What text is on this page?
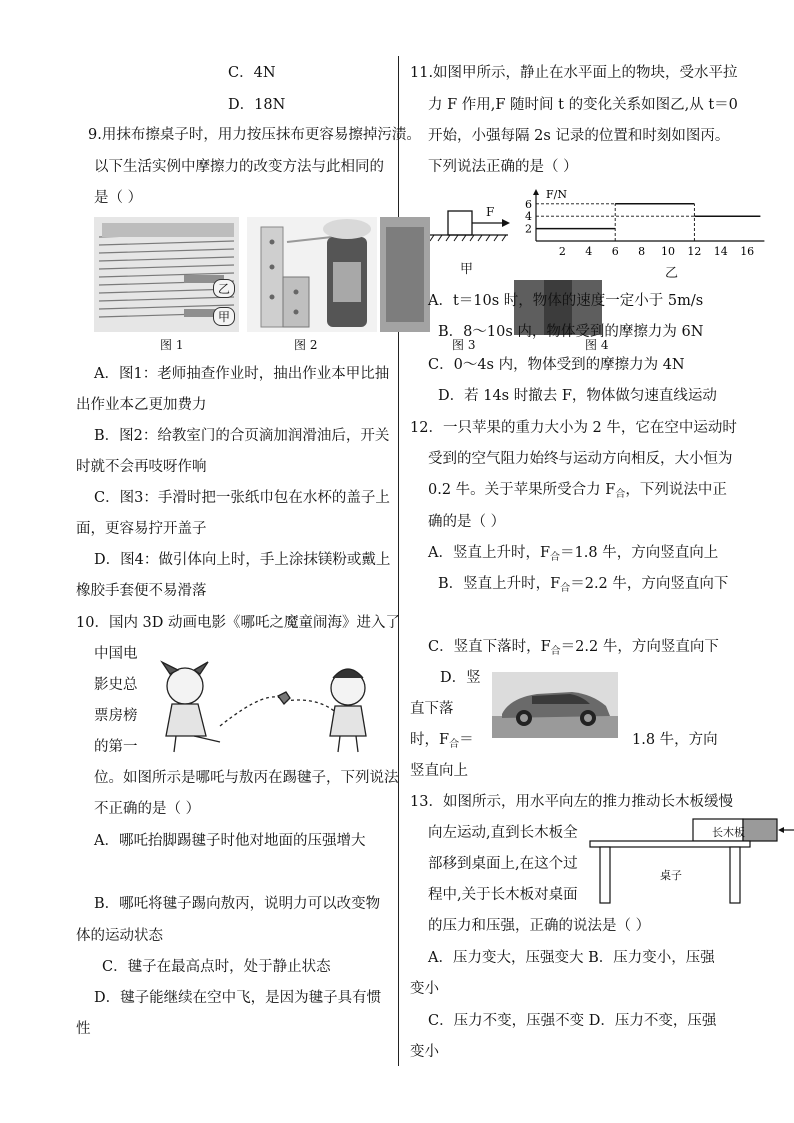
C．4N
D．18N
9.用抹布擦桌子时，用力按压抹布更容易擦掉污渍。
以下生活实例中摩擦力的改变方法与此相同的
是（ ）
乙
甲
图 1	图 2	图 3	图 4
A．图1：老师抽查作业时，抽出作业本甲比抽
出作业本乙更加费力
B．图2：给教室门的合页滴加润滑油后，开关
时就不会再吱呀作响
C．图3：手滑时把一张纸巾包在水杯的盖子上
面，更容易拧开盖子
D．图4：做引体向上时，手上涂抹镁粉或戴上
橡胶手套便不易滑落
10．国内 3D 动画电影《哪吒之魔童闹海》进入了
中国电
影史总
票房榜
的第一
位。如图所示是哪吒与敖丙在踢毽子，下列说法
不正确的是（ ）
A．哪吒抬脚踢毽子时他对地面的压强增大
B．哪吒将毽子踢向敖丙，说明力可以改变物
体的运动状态
C．毽子在最高点时，处于静止状态
D．毽子能继续在空中飞，是因为毽子具有惯
性
11.如图甲所示，静止在水平面上的物块，受水平拉
力 F 作用,F 随时间 t 的变化关系如图乙,从 t＝0
开始，小强每隔 2s 记录的位置和时刻如图丙。
下列说法正确的是（ ）
F
甲
2 4 6 8 10 12 14 16
2
4
6
F/N
乙
A．t＝10s 时，物体的速度一定小于 5m/s
B．8～10s 内，物体受到的摩擦力为 6N
C．0～4s 内，物体受到的摩擦力为 4N
D．若 14s 时撤去 F，物体做匀速直线运动
12．一只苹果的重力大小为 2 牛，它在空中运动时
受到的空气阻力始终与运动方向相反，大小恒为
0.2 牛。关于苹果所受合力 $F_合$，下列说法中正
确的是（ ）
A．竖直上升时，$F_合=1.8$ 牛，方向竖直向上
B．竖直上升时，$F_合=2.2$ 牛，方向竖直向下
C．竖直下落时，$F_合=2.2$ 牛，方向竖直向下
D．竖
直下落
时，$F_合=$	1.8 牛，方向
竖直向上
13．如图所示，用水平向左的推力推动长木板缓慢
向左运动,直到长木板全
部移到桌面上,在这个过
程中,关于长木板对桌面
的压力和压强，正确的说法是（ ）
长木板
桌子
A．压力变大，压强变大 B．压力变小，压强
变小
C．压力不变，压强不变 D．压力不变，压强
变小
